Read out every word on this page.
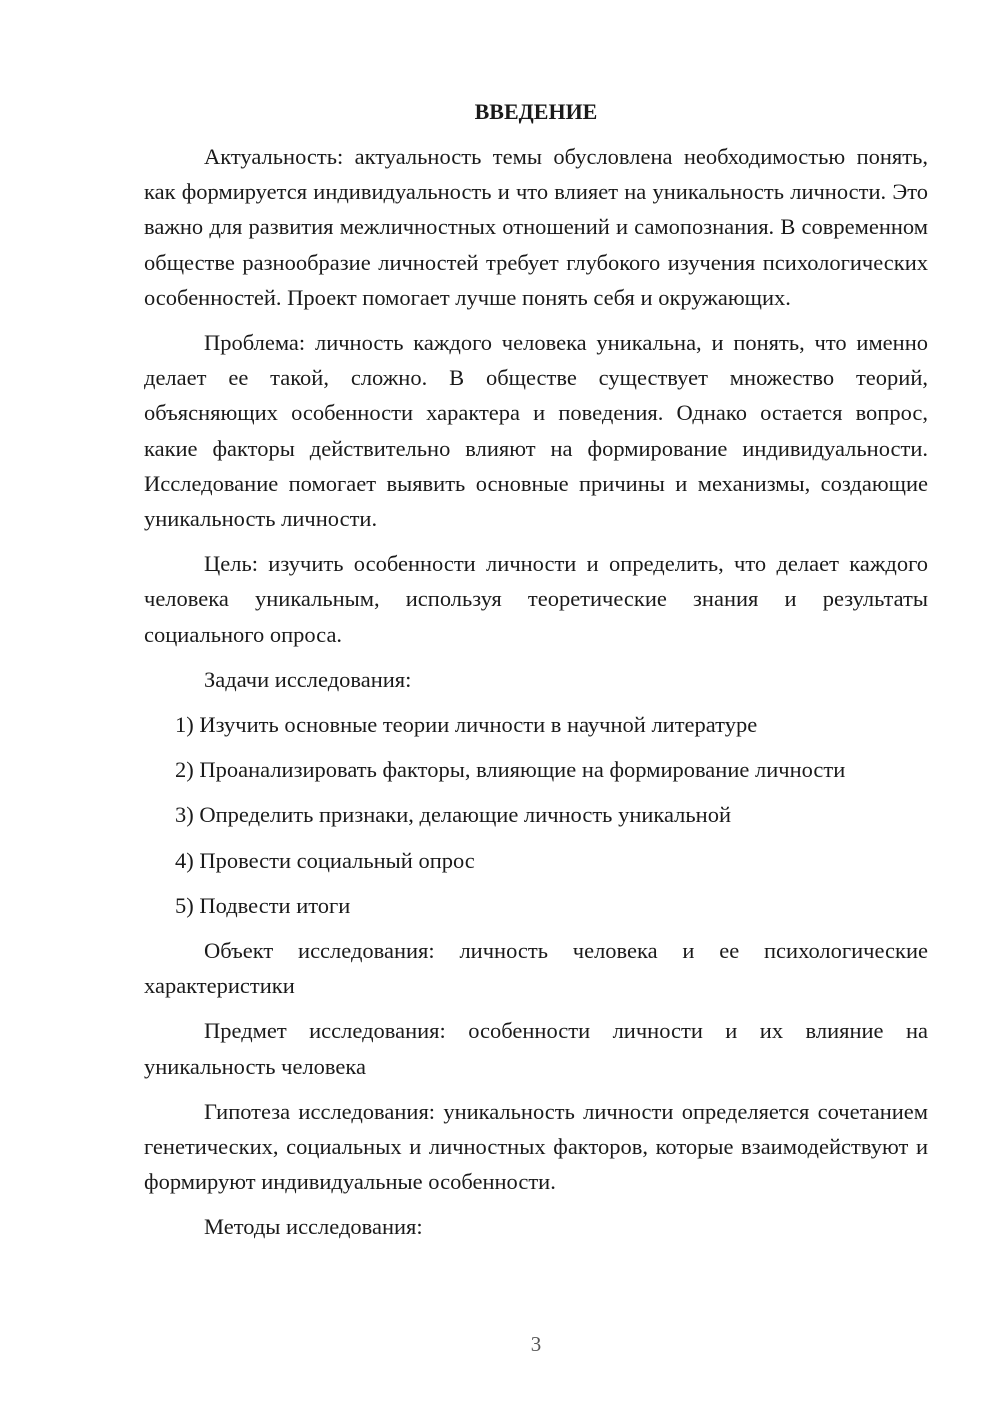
ВВЕДЕНИЕ

Актуальность: актуальность темы обусловлена необходимостью понять, как формируется индивидуальность и что влияет на уникальность личности. Это важно для развития межличностных отношений и самопознания. В современном обществе разнообразие личностей требует глубокого изучения психологических особенностей. Проект помогает лучше понять себя и окружающих.

Проблема: личность каждого человека уникальна, и понять, что именно делает ее такой, сложно. В обществе существует множество теорий, объясняющих особенности характера и поведения. Однако остается вопрос, какие факторы действительно влияют на формирование индивидуальности. Исследование помогает выявить основные причины и механизмы, создающие уникальность личности.

Цель: изучить особенности личности и определить, что делает каждого человека уникальным, используя теоретические знания и результаты социального опроса.

Задачи исследования:

1) Изучить основные теории личности в научной литературе
2) Проанализировать факторы, влияющие на формирование личности
3) Определить признаки, делающие личность уникальной
4) Провести социальный опрос
5) Подвести итоги

Объект исследования: личность человека и ее психологические характеристики

Предмет исследования: особенности личности и их влияние на уникальность человека

Гипотеза исследования: уникальность личности определяется сочетанием генетических, социальных и личностных факторов, которые взаимодействуют и формируют индивидуальные особенности.

Методы исследования:

3
